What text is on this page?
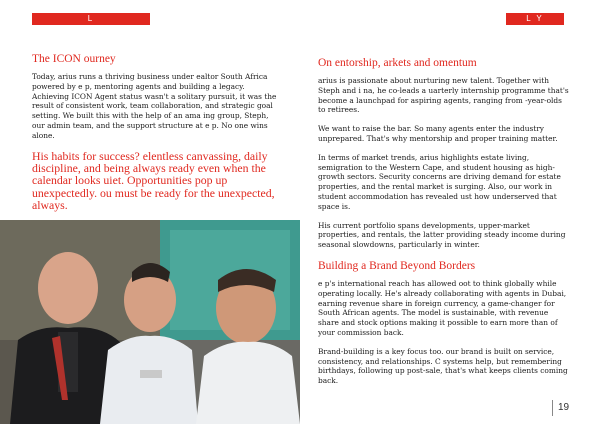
L	L Y
The ICON ourney

Today, arius runs a thriving business under ealtor South Africa powered by e p, mentoring agents and building a legacy. Achieving ICON Agent status wasn't a solitary pursuit, it was the result of consistent work, team collaboration, and strategic goal setting. We built this with the help of an ama ing group, Steph, our admin team, and the support structure at e p. No one wins alone.

His habits for success? elentless canvassing, daily discipline, and being always ready even when the calendar looks uiet. Opportunities pop up unexpectedly. ou must be ready for the unexpected, always.
On entorship, arkets and omentum

arius is passionate about nurturing new talent. Together with Steph and i na, he co-leads a uarterly internship programme that's become a launchpad for aspiring agents, ranging from -year-olds to retirees.

We want to raise the bar. So many agents enter the industry unprepared. That's why mentorship and proper training matter.

In terms of market trends, arius highlights estate living, semigration to the Western Cape, and student housing as high-growth sectors. Security concerns are driving demand for estate properties, and the rental market is surging. Also, our work in student accommodation has revealed ust how underserved that space is.

His current portfolio spans developments, upper-market properties, and rentals, the latter providing steady income during seasonal slowdowns, particularly in winter.

Building a Brand Beyond Borders

e p's international reach has allowed oot to think globally while operating locally. He's already collaborating with agents in Dubai, earning revenue share in foreign currency, a game-changer for South African agents. The model is sustainable, with revenue share and stock options making it possible to earn more than of your commission back.

Brand-building is a key focus too. our brand is built on service, consistency, and relationships. C systems help, but remembering birthdays, following up post-sale, that's what keeps clients coming back.

19
